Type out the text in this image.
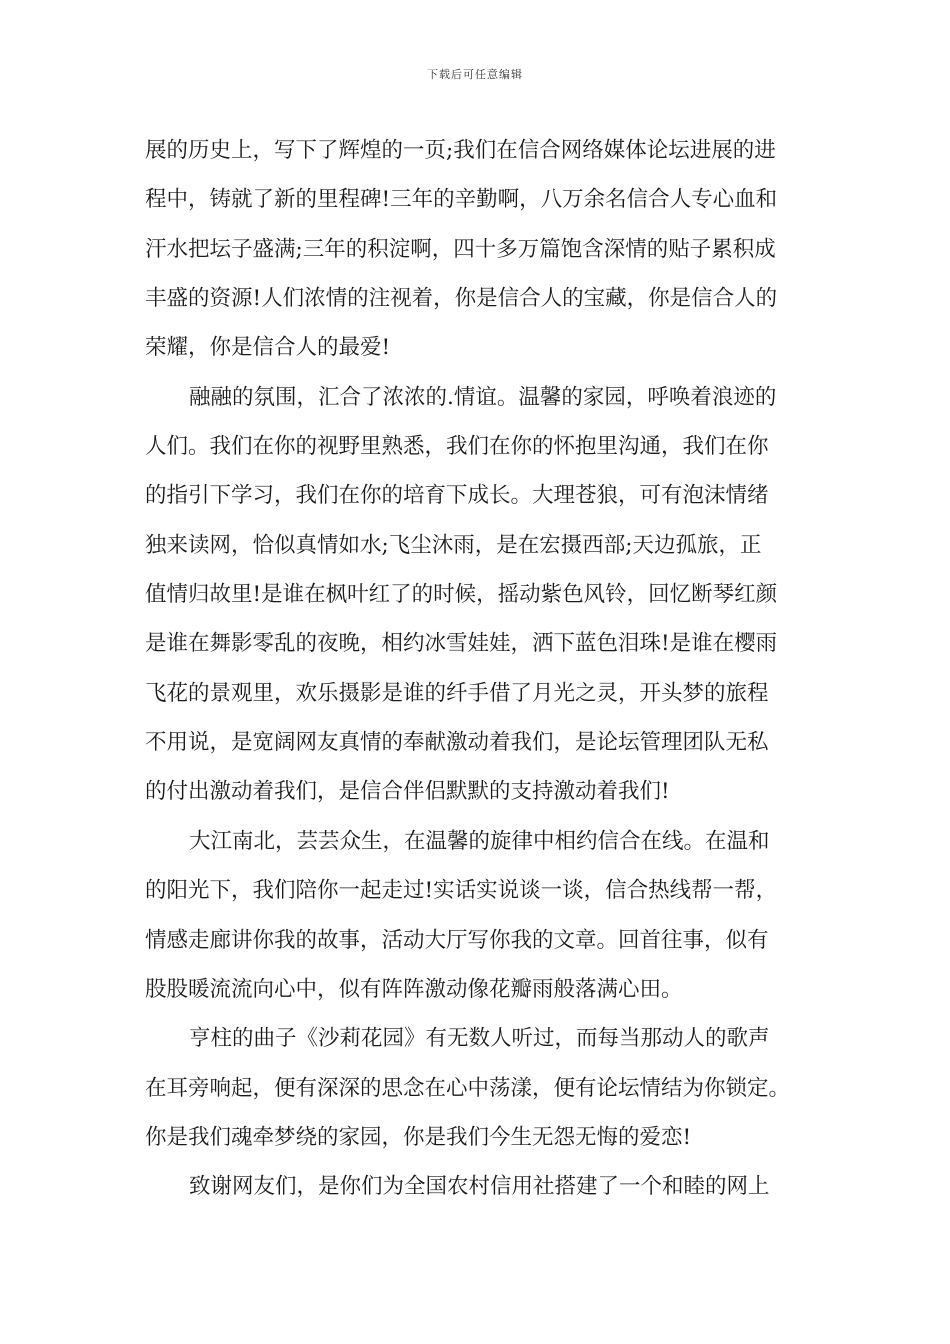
下载后可任意编辑
展的历史上，写下了辉煌的一页;我们在信合网络媒体论坛进展的进
程中，铸就了新的里程碑!三年的辛勤啊，八万余名信合人专心血和
汗水把坛子盛满;三年的积淀啊，四十多万篇饱含深情的贴子累积成
丰盛的资源!人们浓情的注视着，你是信合人的宝藏，你是信合人的
荣耀，你是信合人的最爱!
融融的氛围，汇合了浓浓的.情谊。温馨的家园，呼唤着浪迹的
人们。我们在你的视野里熟悉，我们在你的怀抱里沟通，我们在你
的指引下学习，我们在你的培育下成长。大理苍狼，可有泡沫情绪
独来读网，恰似真情如水;飞尘沐雨，是在宏摄西部;天边孤旅，正
值情归故里!是谁在枫叶红了的时候，摇动紫色风铃，回忆断琴红颜
是谁在舞影零乱的夜晚，相约冰雪娃娃，洒下蓝色泪珠!是谁在樱雨
飞花的景观里，欢乐摄影是谁的纤手借了月光之灵，开头梦的旅程
不用说，是宽阔网友真情的奉献激动着我们，是论坛管理团队无私
的付出激动着我们，是信合伴侣默默的支持激动着我们!
大江南北，芸芸众生，在温馨的旋律中相约信合在线。在温和
的阳光下，我们陪你一起走过!实话实说谈一谈，信合热线帮一帮，
情感走廊讲你我的故事，活动大厅写你我的文章。回首往事，似有
股股暖流流向心中，似有阵阵激动像花瓣雨般落满心田。
亨柱的曲子《沙莉花园》有无数人听过，而每当那动人的歌声
在耳旁响起，便有深深的思念在心中荡漾，便有论坛情结为你锁定。
你是我们魂牵梦绕的家园，你是我们今生无怨无悔的爱恋!
致谢网友们，是你们为全国农村信用社搭建了一个和睦的网上
